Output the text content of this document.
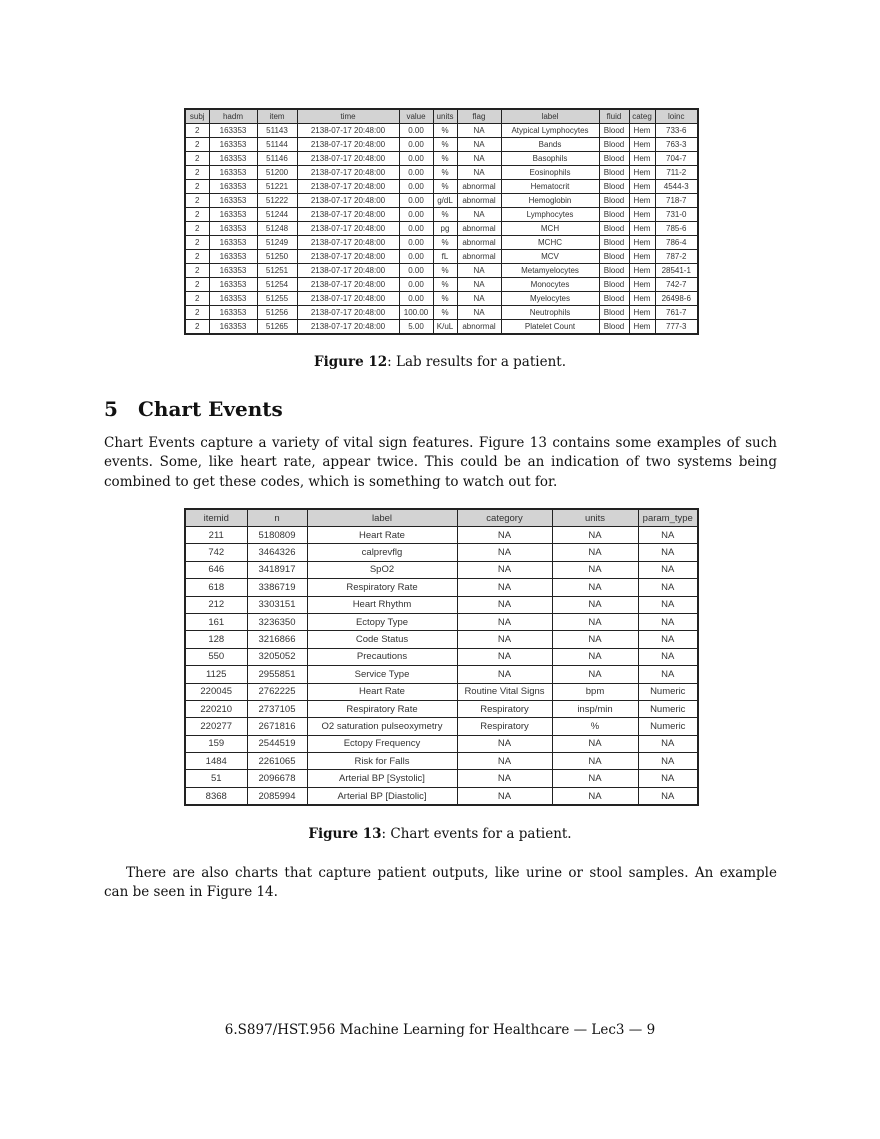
subj	hadm	item	time	value	units	flag	label	fluid	categ	loinc
2	163353	51143	2138-07-17 20:48:00	0.00	%	NA	Atypical Lymphocytes	Blood	Hem	733-6
2	163353	51144	2138-07-17 20:48:00	0.00	%	NA	Bands	Blood	Hem	763-3
2	163353	51146	2138-07-17 20:48:00	0.00	%	NA	Basophils	Blood	Hem	704-7
2	163353	51200	2138-07-17 20:48:00	0.00	%	NA	Eosinophils	Blood	Hem	711-2
2	163353	51221	2138-07-17 20:48:00	0.00	%	abnormal	Hematocrit	Blood	Hem	4544-3
2	163353	51222	2138-07-17 20:48:00	0.00	g/dL	abnormal	Hemoglobin	Blood	Hem	718-7
2	163353	51244	2138-07-17 20:48:00	0.00	%	NA	Lymphocytes	Blood	Hem	731-0
2	163353	51248	2138-07-17 20:48:00	0.00	pg	abnormal	MCH	Blood	Hem	785-6
2	163353	51249	2138-07-17 20:48:00	0.00	%	abnormal	MCHC	Blood	Hem	786-4
2	163353	51250	2138-07-17 20:48:00	0.00	fL	abnormal	MCV	Blood	Hem	787-2
2	163353	51251	2138-07-17 20:48:00	0.00	%	NA	Metamyelocytes	Blood	Hem	28541-1
2	163353	51254	2138-07-17 20:48:00	0.00	%	NA	Monocytes	Blood	Hem	742-7
2	163353	51255	2138-07-17 20:48:00	0.00	%	NA	Myelocytes	Blood	Hem	26498-6
2	163353	51256	2138-07-17 20:48:00	100.00	%	NA	Neutrophils	Blood	Hem	761-7
2	163353	51265	2138-07-17 20:48:00	5.00	K/uL	abnormal	Platelet Count	Blood	Hem	777-3
Figure 12: Lab results for a patient.
5 Chart Events

Chart Events capture a variety of vital sign features. Figure 13 contains some examples of such events. Some, like heart rate, appear twice. This could be an indication of two systems being combined to get these codes, which is something to watch out for.

itemid	n	label	category	units	param_type
211	5180809	Heart Rate	NA	NA	NA
742	3464326	calprevflg	NA	NA	NA
646	3418917	SpO2	NA	NA	NA
618	3386719	Respiratory Rate	NA	NA	NA
212	3303151	Heart Rhythm	NA	NA	NA
161	3236350	Ectopy Type	NA	NA	NA
128	3216866	Code Status	NA	NA	NA
550	3205052	Precautions	NA	NA	NA
1125	2955851	Service Type	NA	NA	NA
220045	2762225	Heart Rate	Routine Vital Signs	bpm	Numeric
220210	2737105	Respiratory Rate	Respiratory	insp/min	Numeric
220277	2671816	O2 saturation pulseoxymetry	Respiratory	%	Numeric
159	2544519	Ectopy Frequency	NA	NA	NA
1484	2261065	Risk for Falls	NA	NA	NA
51	2096678	Arterial BP [Systolic]	NA	NA	NA
8368	2085994	Arterial BP [Diastolic]	NA	NA	NA
Figure 13: Chart events for a patient.

There are also charts that capture patient outputs, like urine or stool samples. An example can be seen in Figure 14.

6.S897/HST.956 Machine Learning for Healthcare — Lec3 — 9
